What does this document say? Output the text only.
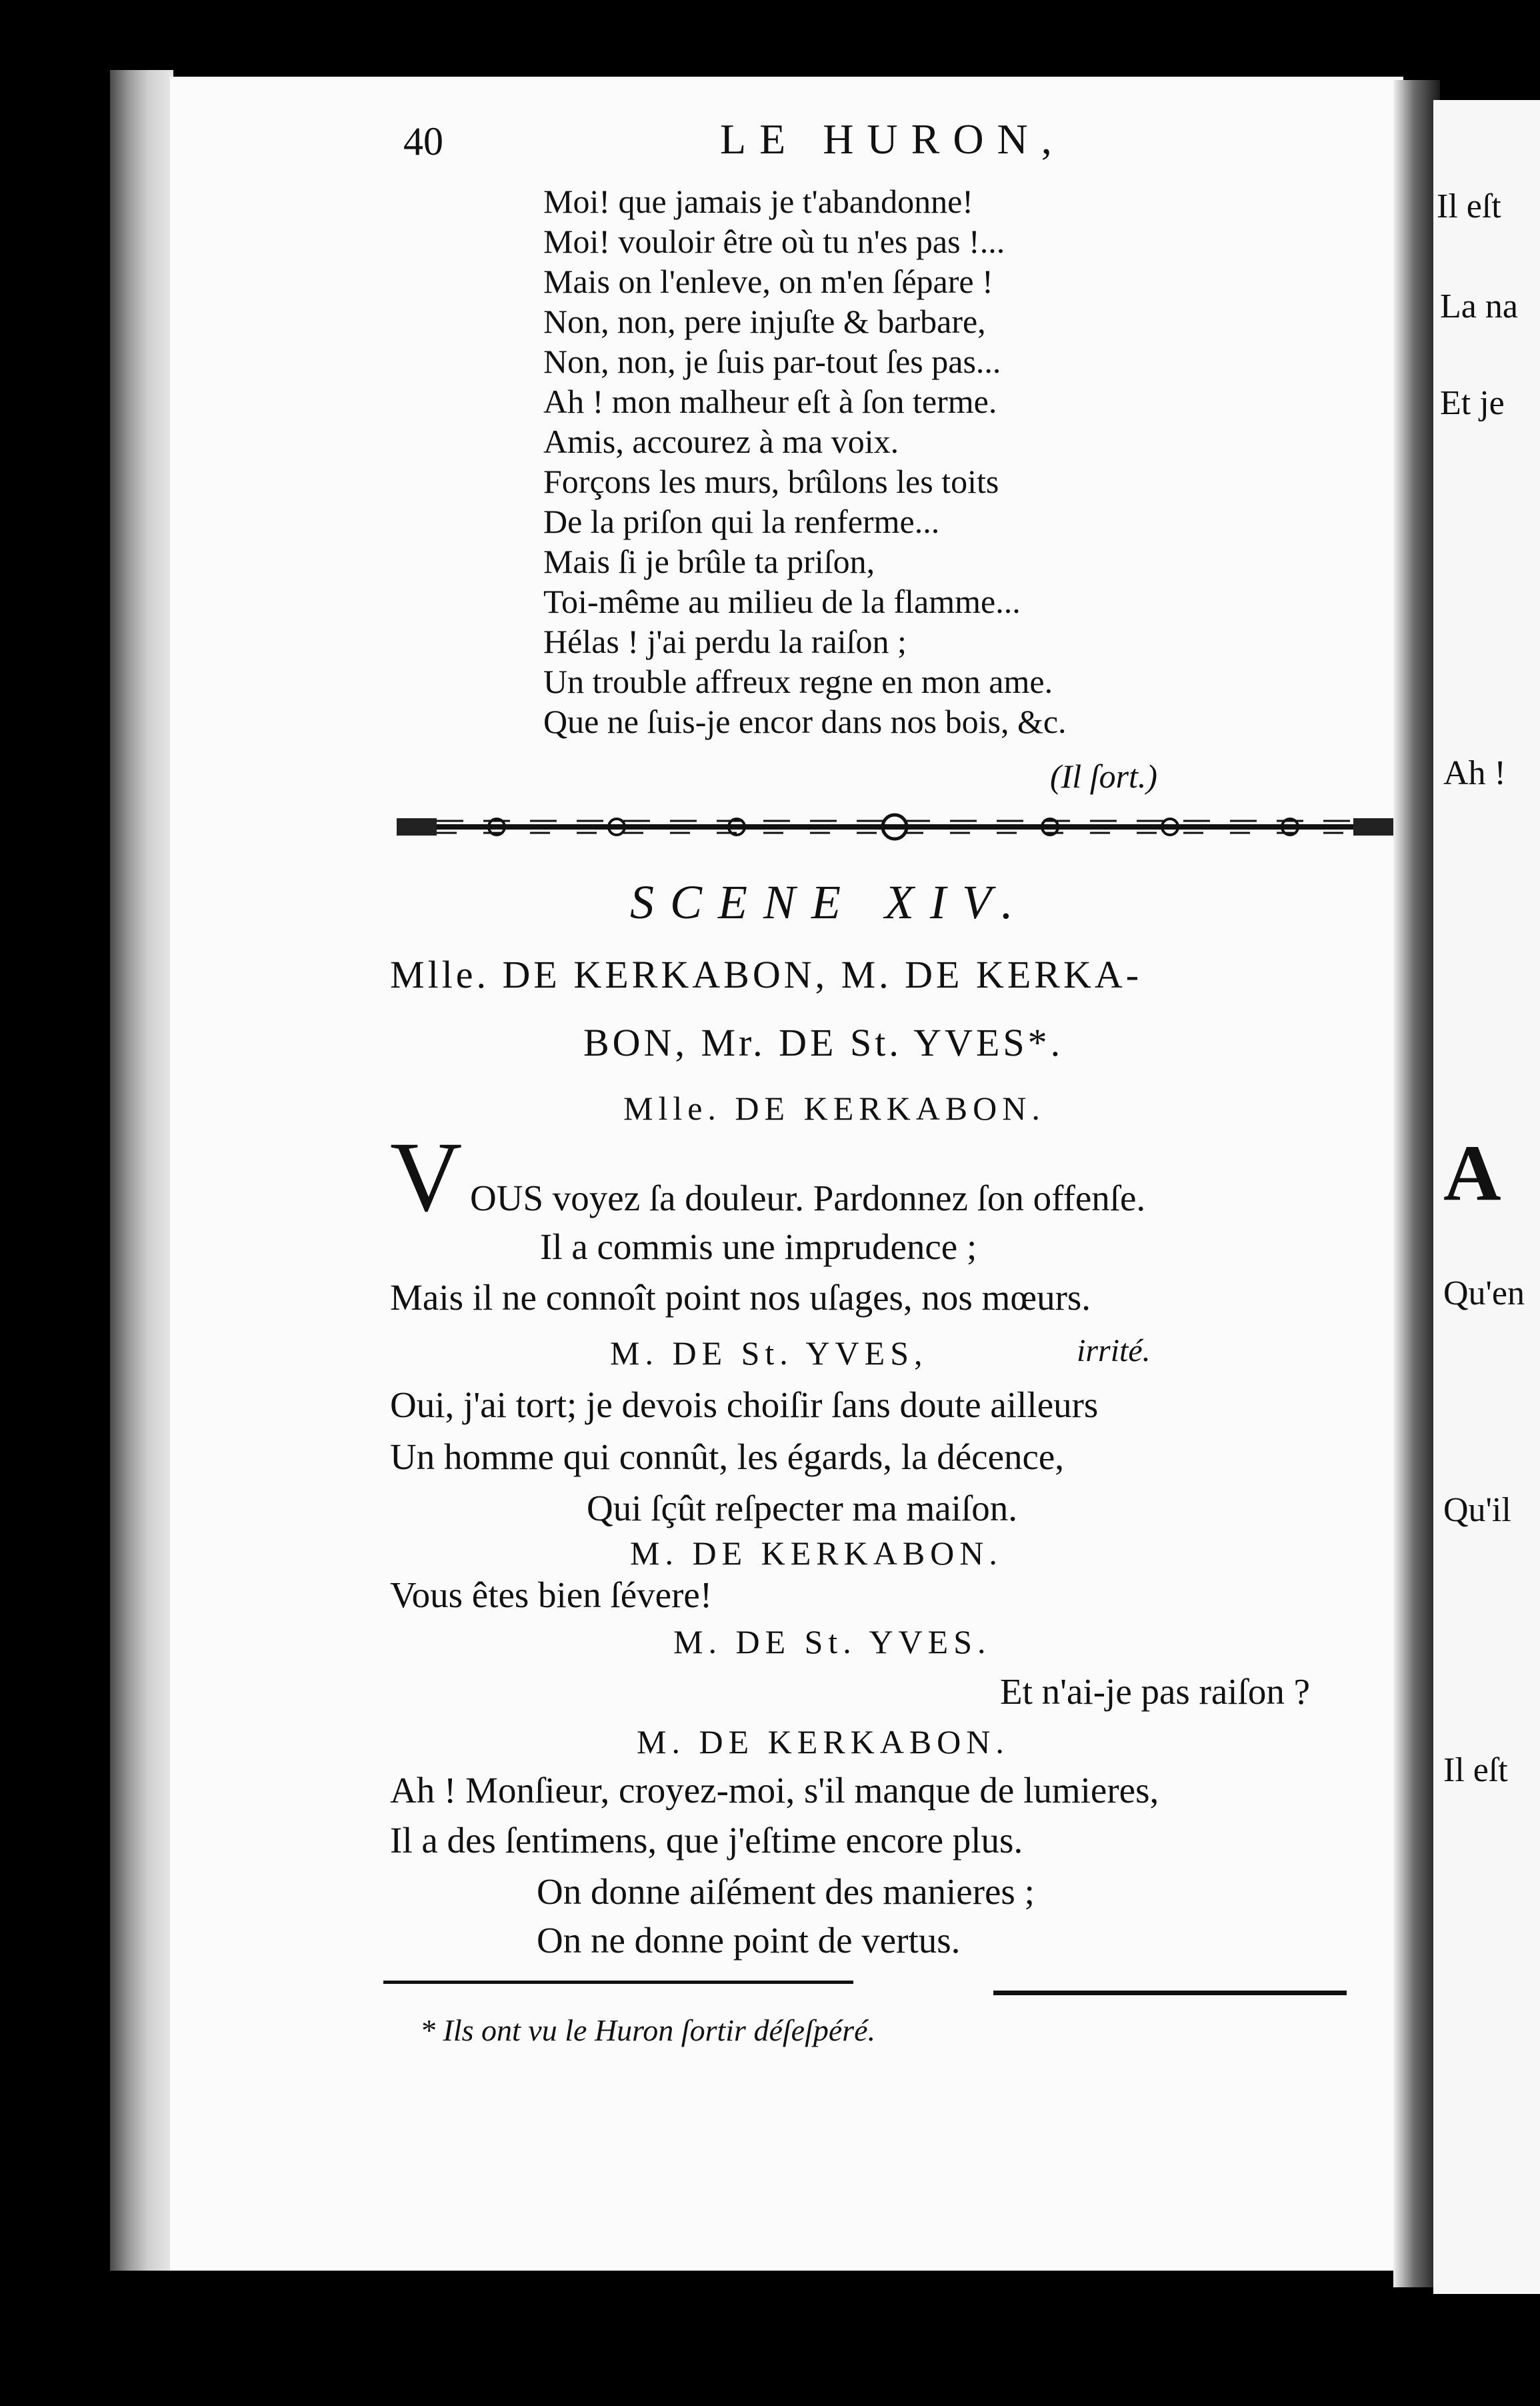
40	LE HURON,
Moi! que jamais je t'abandonne!
Moi! vouloir être où tu n'es pas !...
Mais on l'enleve, on m'en ſépare !
Non, non, pere injuſte & barbare,
Non, non, je ſuis par-tout ſes pas...
Ah ! mon malheur eſt à ſon terme.
Amis, accourez à ma voix.
Forçons les murs, brûlons les toits
De la priſon qui la renferme...
Mais ſi je brûle ta priſon,
Toi-même au milieu de la flamme...
Hélas ! j'ai perdu la raiſon ;
Un trouble affreux regne en mon ame.
Que ne ſuis-je encor dans nos bois, &c.
(Il ſort.)
SCENE XIV.
Mlle. DE KERKABON, M. DE KERKA-
BON, Mr. DE St. YVES*.
Mlle. DE KERKABON.
V OUS voyez ſa douleur. Pardonnez ſon offenſe.
Il a commis une imprudence ;
Mais il ne connoît point nos uſages, nos mœurs.
M. DE St. YVES,	irrité.
Oui, j'ai tort; je devois choiſir ſans doute ailleurs
Un homme qui connût, les égards, la décence,
Qui ſçût reſpecter ma maiſon.
M. DE KERKABON.
Vous êtes bien ſévere!
M. DE St. YVES.
Et n'ai-je pas raiſon ?
M. DE KERKABON.
Ah ! Monſieur, croyez-moi, s'il manque de lumieres,
Il a des ſentimens, que j'eſtime encore plus.
On donne aiſément des manieres ;
On ne donne point de vertus.
* Ils ont vu le Huron ſortir déſeſpéré.
Il eſt
La na
Et je
Ah !
A
Qu'en
Qu'il
Il eſt
